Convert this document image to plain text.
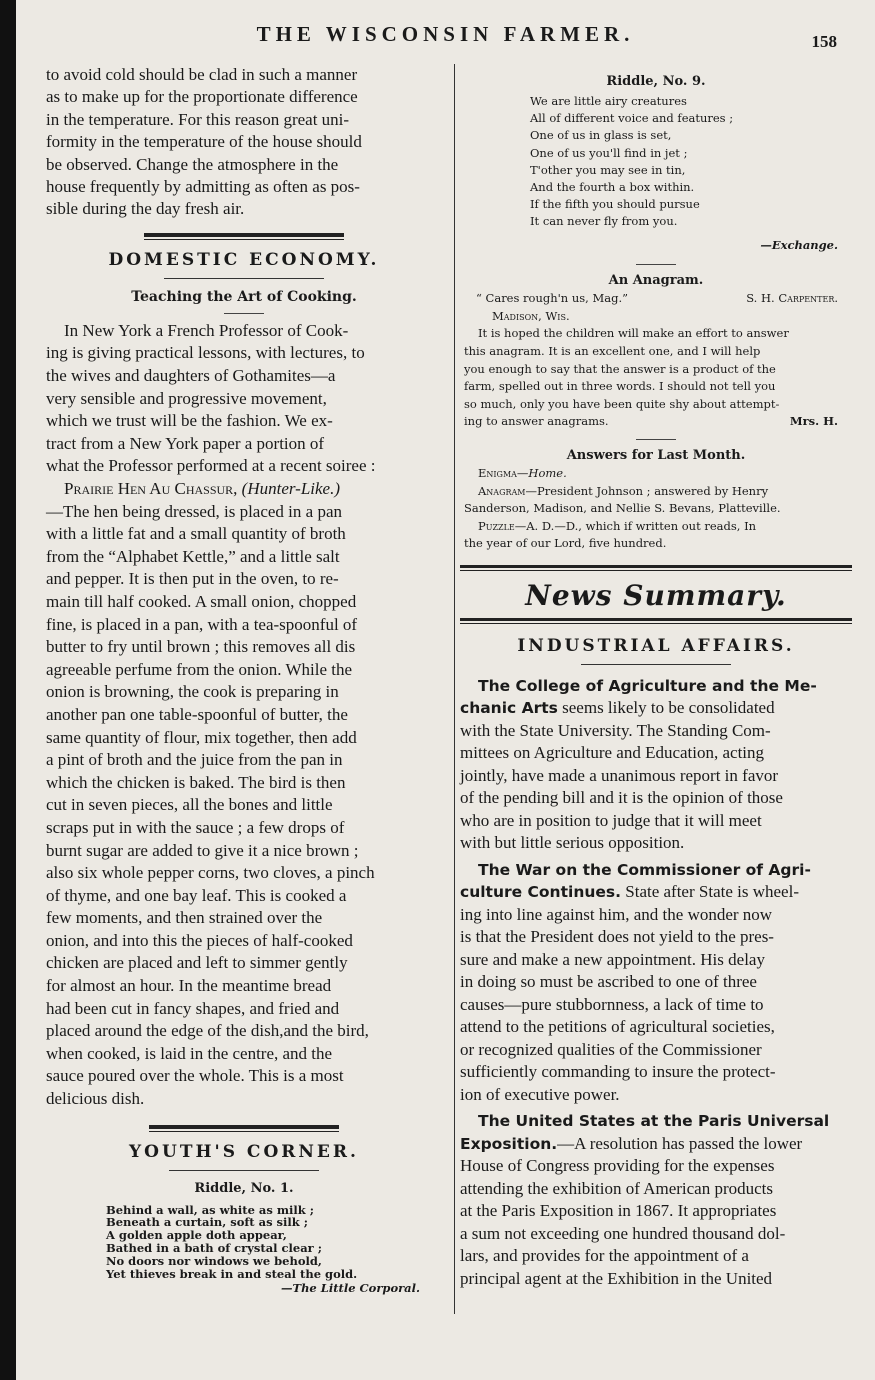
THE WISCONSIN FARMER.	158
to avoid cold should be clad in such a manner
as to make up for the proportionate difference
in the temperature. For this reason great uni-
formity in the temperature of the house should
be observed. Change the atmosphere in the
house frequently by admitting as often as pos-
sible during the day fresh air.
DOMESTIC ECONOMY.
Teaching the Art of Cooking.
In New York a French Professor of Cook-
ing is giving practical lessons, with lectures, to
the wives and daughters of Gothamites—a
very sensible and progressive movement,
which we trust will be the fashion. We ex-
tract from a New York paper a portion of
what the Professor performed at a recent soiree :
Prairie Hen Au Chassur, (Hunter-Like.)
—The hen being dressed, is placed in a pan
with a little fat and a small quantity of broth
from the “Alphabet Kettle,” and a little salt
and pepper. It is then put in the oven, to re-
main till half cooked. A small onion, chopped
fine, is placed in a pan, with a tea-spoonful of
butter to fry until brown ; this removes all dis
agreeable perfume from the onion. While the
onion is browning, the cook is preparing in
another pan one table-spoonful of butter, the
same quantity of flour, mix together, then add
a pint of broth and the juice from the pan in
which the chicken is baked. The bird is then
cut in seven pieces, all the bones and little
scraps put in with the sauce ; a few drops of
burnt sugar are added to give it a nice brown ;
also six whole pepper corns, two cloves, a pinch
of thyme, and one bay leaf. This is cooked a
few moments, and then strained over the
onion, and into this the pieces of half-cooked
chicken are placed and left to simmer gently
for almost an hour. In the meantime bread
had been cut in fancy shapes, and fried and
placed around the edge of the dish,and the bird,
when cooked, is laid in the centre, and the
sauce poured over the whole. This is a most
delicious dish.
YOUTH'S CORNER.
Riddle, No. 1.
Behind a wall, as white as milk ;
Beneath a curtain, soft as silk ;
A golden apple doth appear,
Bathed in a bath of crystal clear ;
No doors nor windows we behold,
Yet thieves break in and steal the gold.
—The Little Corporal.
Riddle, No. 9.
We are little airy creatures
All of different voice and features ;
One of us in glass is set,
One of us you'll find in jet ;
T'other you may see in tin,
And the fourth a box within.
If the fifth you should pursue
It can never fly from you.
—Exchange.
An Anagram.
“ Cares rough'n us, Mag.”	S. H. Carpenter.
Madison, Wis.
It is hoped the children will make an effort to answer
this anagram. It is an excellent one, and I will help
you enough to say that the answer is a product of the
farm, spelled out in three words. I should not tell you
so much, only you have been quite shy about attempt-
ing to answer anagrams.	Mrs. H.
Answers for Last Month.
Enigma—Home.
Anagram—President Johnson ; answered by Henry
Sanderson, Madison, and Nellie S. Bevans, Platteville.
Puzzle—A. D.—D., which if written out reads, In
the year of our Lord, five hundred.
News Summary.
INDUSTRIAL AFFAIRS.
The College of Agriculture and the Me-
chanic Arts seems likely to be consolidated
with the State University. The Standing Com-
mittees on Agriculture and Education, acting
jointly, have made a unanimous report in favor
of the pending bill and it is the opinion of those
who are in position to judge that it will meet
with but little serious opposition.
The War on the Commissioner of Agri-
culture Continues. State after State is wheel-
ing into line against him, and the wonder now
is that the President does not yield to the pres-
sure and make a new appointment. His delay
in doing so must be ascribed to one of three
causes—pure stubbornness, a lack of time to
attend to the petitions of agricultural societies,
or recognized qualities of the Commissioner
sufficiently commanding to insure the protect-
ion of executive power.
The United States at the Paris Universal
Exposition.—A resolution has passed the lower
House of Congress providing for the expenses
attending the exhibition of American products
at the Paris Exposition in 1867. It appropriates
a sum not exceeding one hundred thousand dol-
lars, and provides for the appointment of a
principal agent at the Exhibition in the United
